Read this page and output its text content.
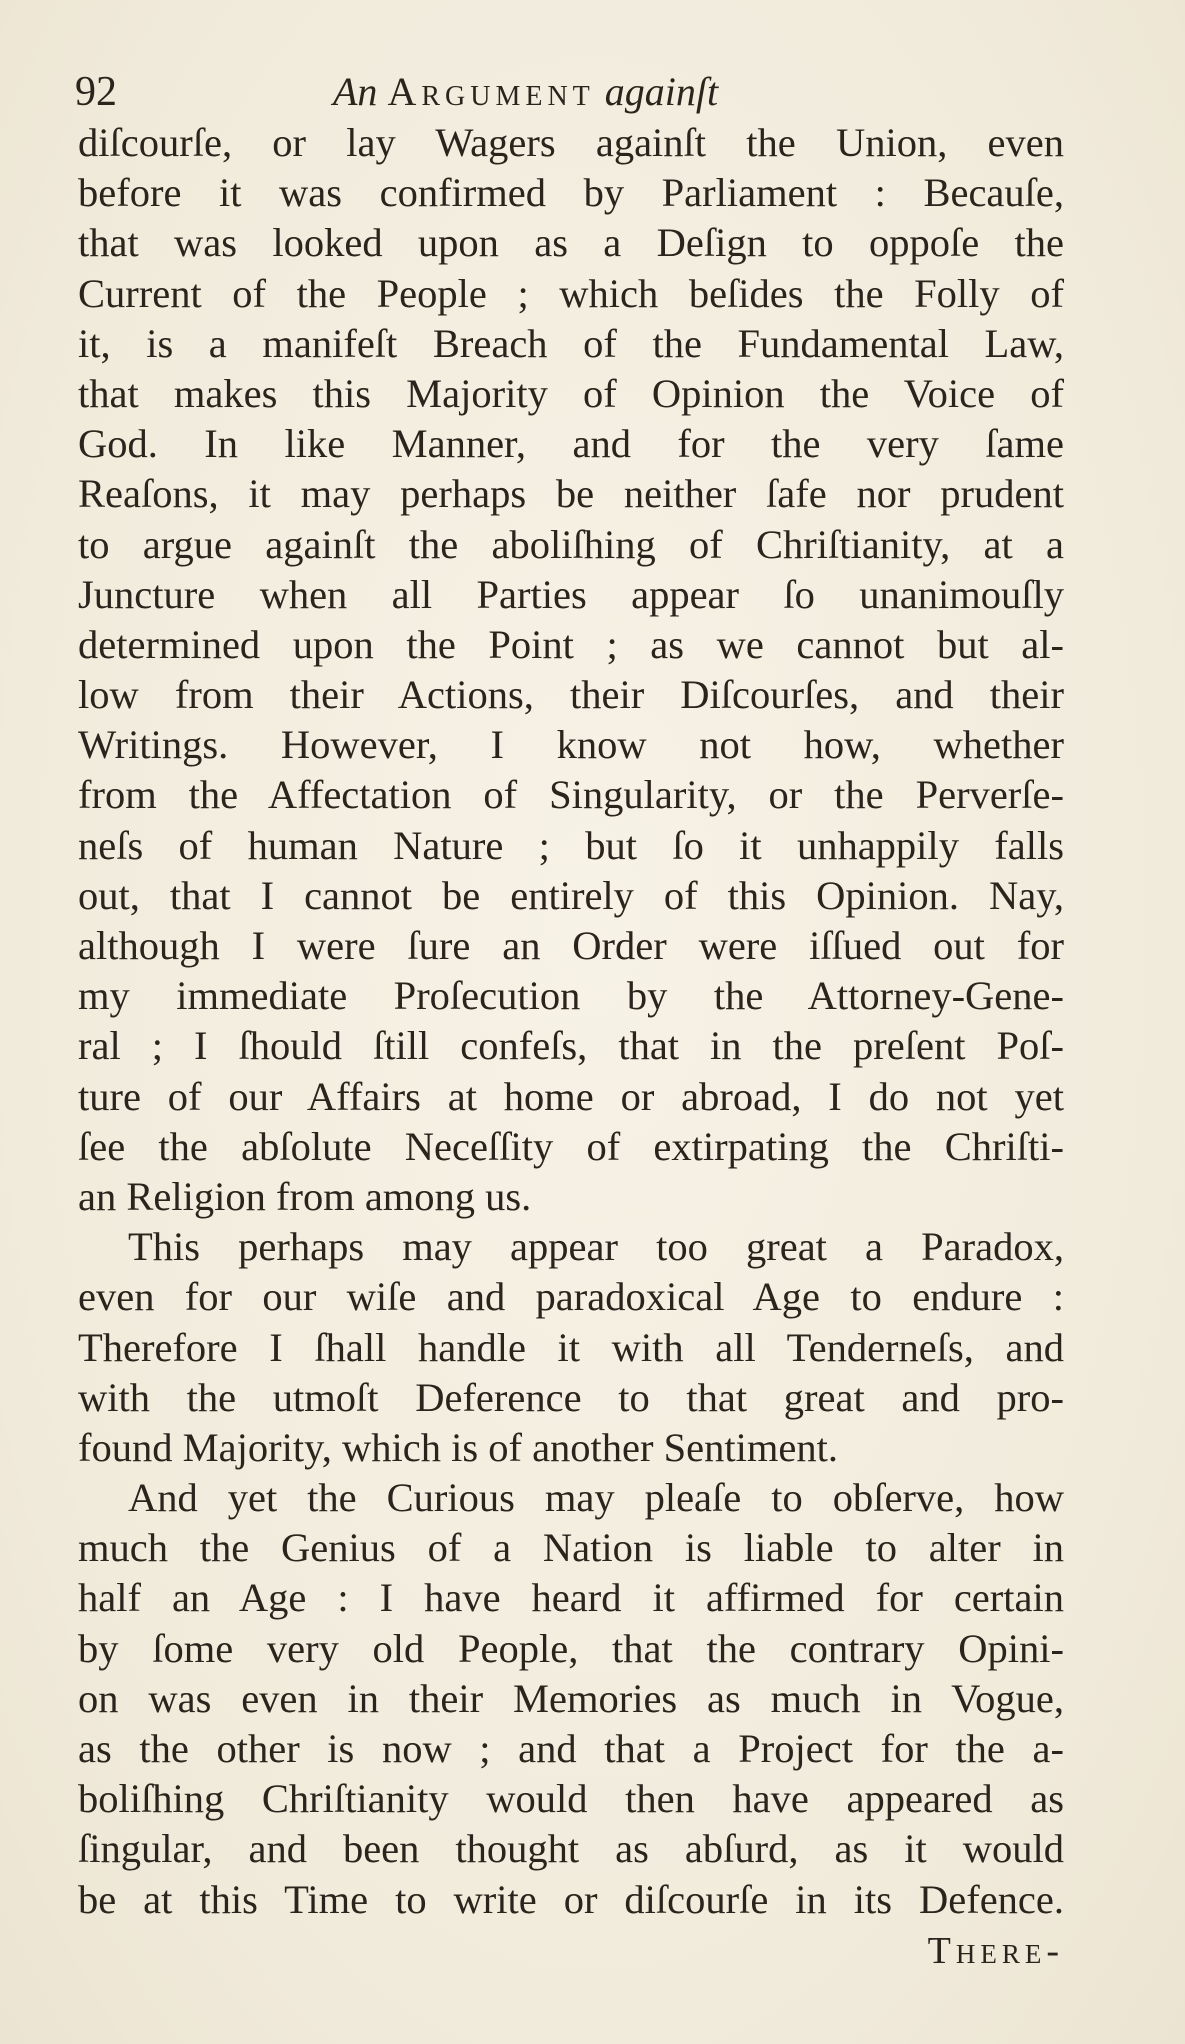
92	An Argument againſt
diſcourſe, or lay Wagers againſt the Union, even
before it was confirmed by Parliament : Becauſe,
that was looked upon as a Deſign to oppoſe the
Current of the People ; which beſides the Folly of
it, is a manifeſt Breach of the Fundamental Law,
that makes this Majority of Opinion the Voice of
God. In like Manner, and for the very ſame
Reaſons, it may perhaps be neither ſafe nor prudent
to argue againſt the aboliſhing of Chriſtianity, at a
Juncture when all Parties appear ſo unanimouſly
determined upon the Point ; as we cannot but al-
low from their Actions, their Diſcourſes, and their
Writings. However, I know not how, whether
from the Affectation of Singularity, or the Perverſe-
neſs of human Nature ; but ſo it unhappily falls
out, that I cannot be entirely of this Opinion. Nay,
although I were ſure an Order were iſſued out for
my immediate Proſecution by the Attorney-Gene-
ral ; I ſhould ſtill confeſs, that in the preſent Poſ-
ture of our Affairs at home or abroad, I do not yet
ſee the abſolute Neceſſity of extirpating the Chriſti-
an Religion from among us.
This perhaps may appear too great a Paradox,
even for our wiſe and paradoxical Age to endure :
Therefore I ſhall handle it with all Tenderneſs, and
with the utmoſt Deference to that great and pro-
found Majority, which is of another Sentiment.
And yet the Curious may pleaſe to obſerve, how
much the Genius of a Nation is liable to alter in
half an Age : I have heard it affirmed for certain
by ſome very old People, that the contrary Opini-
on was even in their Memories as much in Vogue,
as the other is now ; and that a Project for the a-
boliſhing Chriſtianity would then have appeared as
ſingular, and been thought as abſurd, as it would
be at this Time to write or diſcourſe in its Defence.
There-
